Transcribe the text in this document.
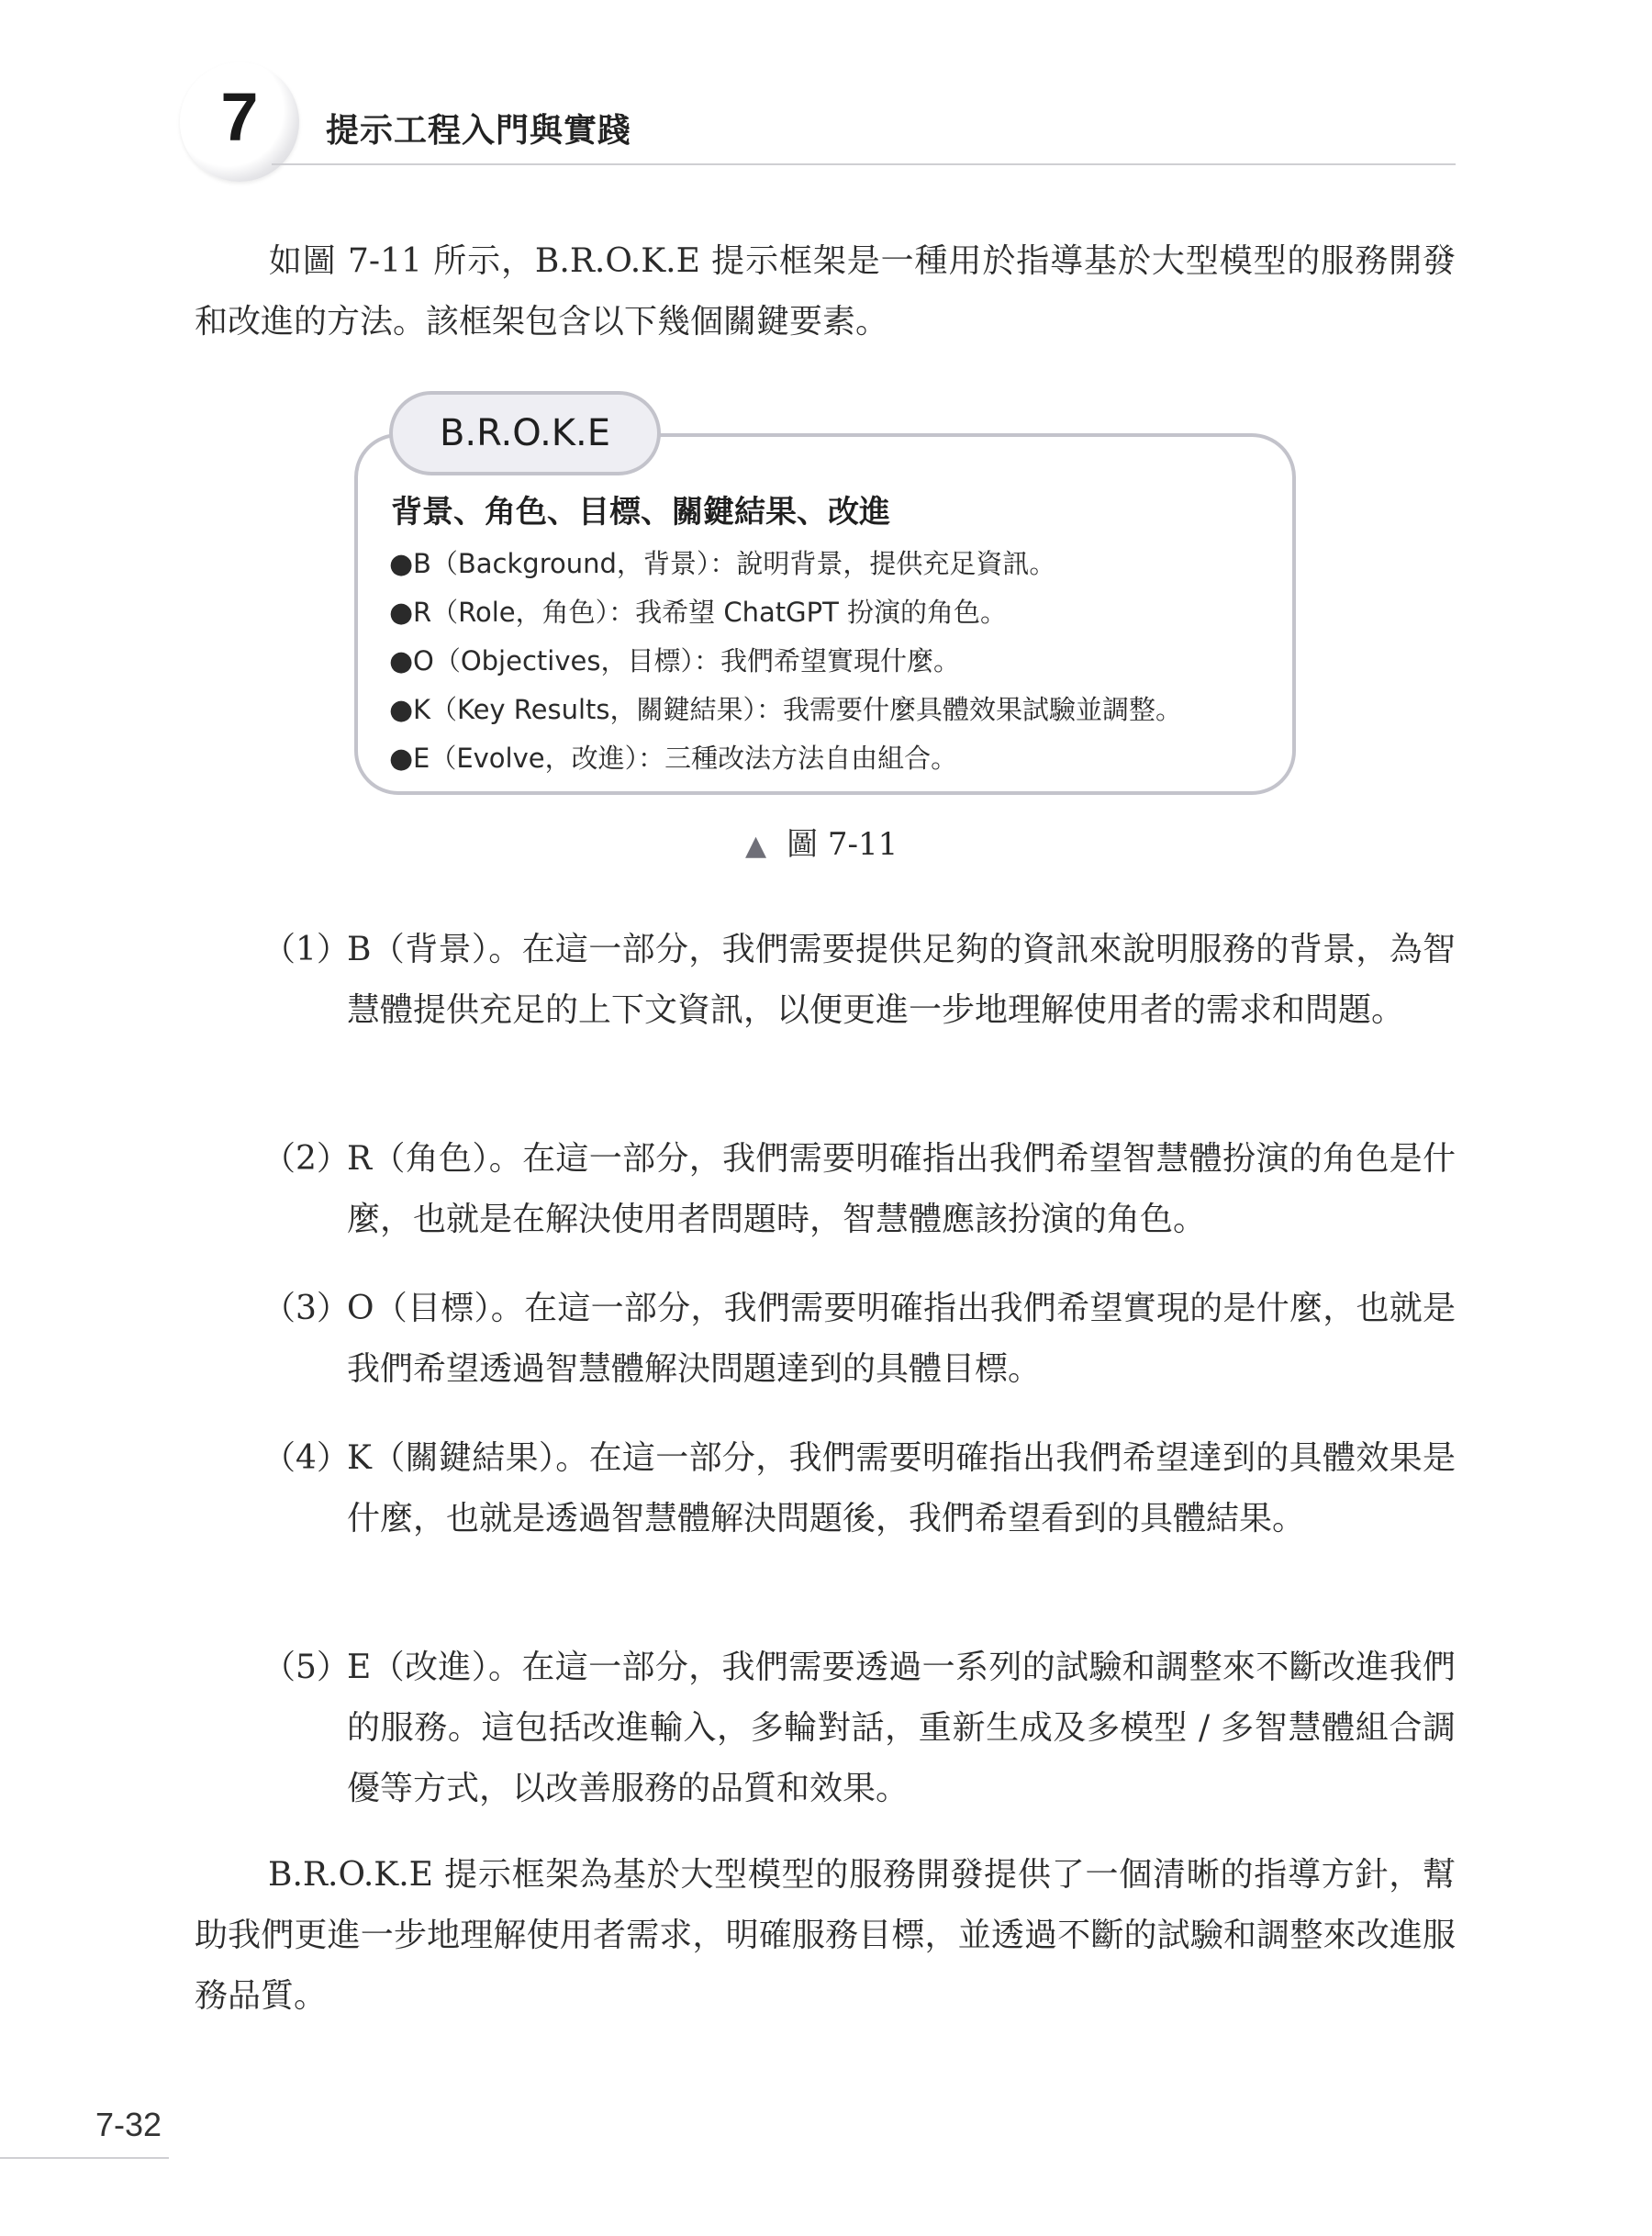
7	提示工程入門與實踐
如圖 7-11 所示，B.R.O.K.E 提示框架是一種用於指導基於大型模型的服務開發和改進的方法。該框架包含以下幾個關鍵要素。
B.R.O.K.E
背景、角色、目標、關鍵結果、改進
●B（Background，背景）：說明背景，提供充足資訊。
●R（Role，角色）：我希望 ChatGPT 扮演的角色。
●O（Objectives，目標）：我們希望實現什麼。
●K（Key Results，關鍵結果）：我需要什麼具體效果試驗並調整。
●E（Evolve，改進）：三種改法方法自由組合。
▲ 圖 7-11
（1）
B（背景）。在這一部分，我們需要提供足夠的資訊來說明服務的背景，為智慧體提供充足的上下文資訊，以便更進一步地理解使用者的需求和問題。
（2）
R（角色）。在這一部分，我們需要明確指出我們希望智慧體扮演的角色是什麼，也就是在解決使用者問題時，智慧體應該扮演的角色。
（3）
O（目標）。在這一部分，我們需要明確指出我們希望實現的是什麼，也就是我們希望透過智慧體解決問題達到的具體目標。
（4）
K（關鍵結果）。在這一部分，我們需要明確指出我們希望達到的具體效果是什麼，也就是透過智慧體解決問題後，我們希望看到的具體結果。
（5）
E（改進）。在這一部分，我們需要透過一系列的試驗和調整來不斷改進我們的服務。這包括改進輸入，多輪對話，重新生成及多模型 / 多智慧體組合調優等方式，以改善服務的品質和效果。
B.R.O.K.E 提示框架為基於大型模型的服務開發提供了一個清晰的指導方針，幫助我們更進一步地理解使用者需求，明確服務目標，並透過不斷的試驗和調整來改進服務品質。
7-32
